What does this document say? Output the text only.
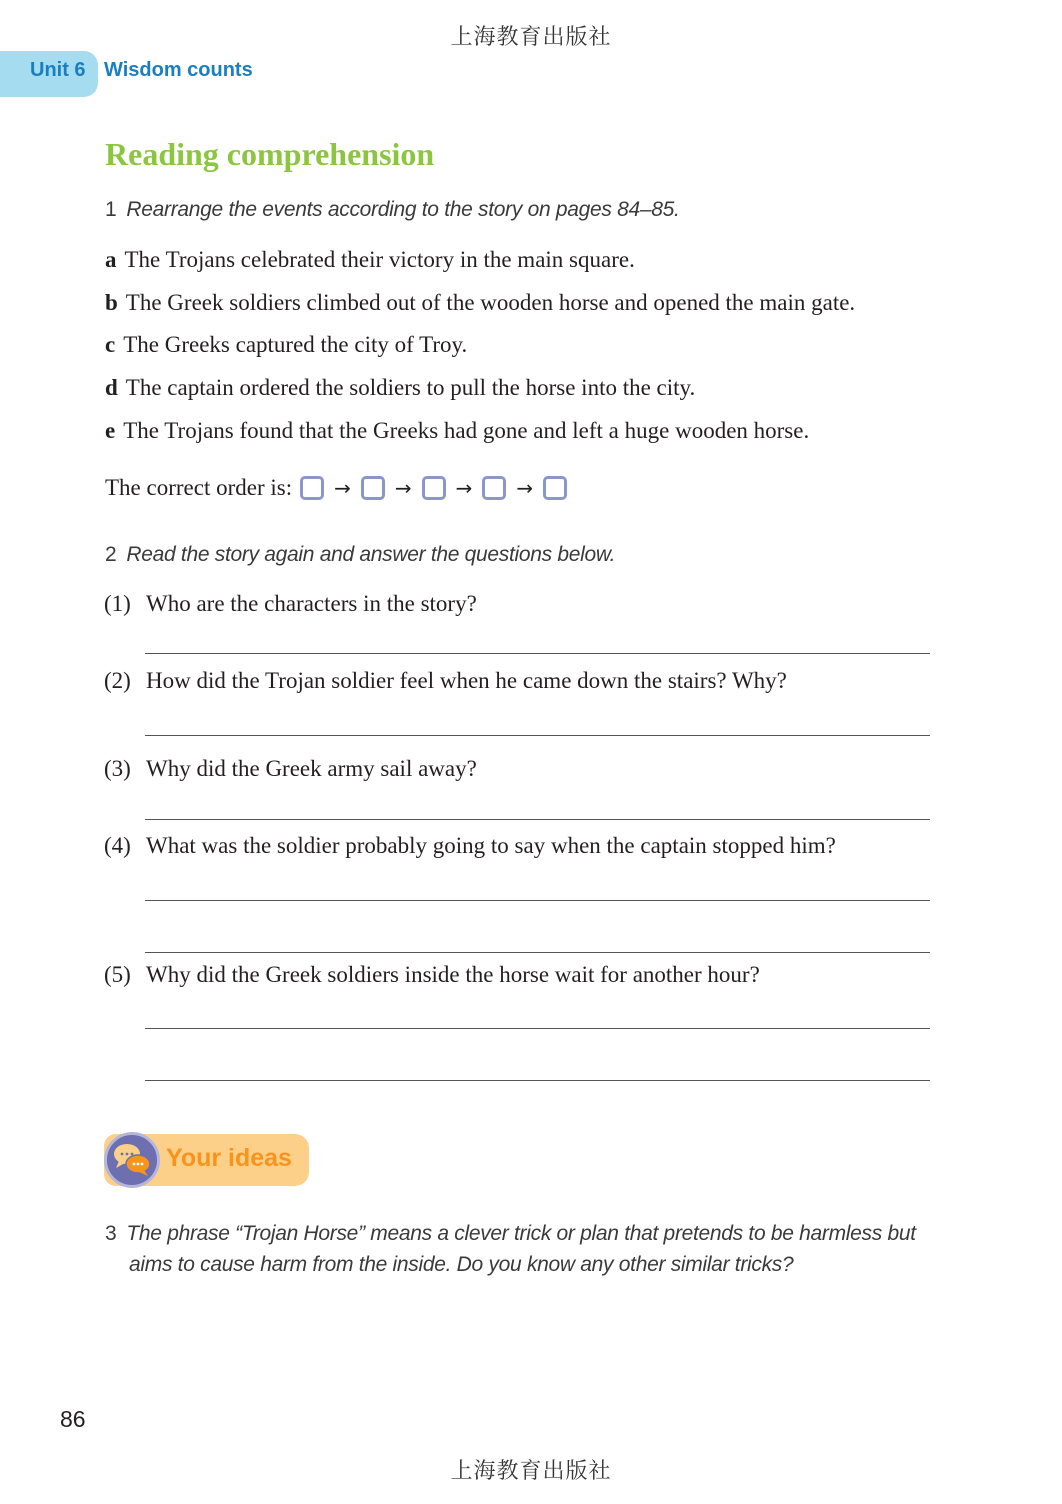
上海教育出版社
Unit 6 Wisdom counts
Reading comprehension
1 Rearrange the events according to the story on pages 84–85.
a The Trojans celebrated their victory in the main square.
b The Greek soldiers climbed out of the wooden horse and opened the main gate.
c The Greeks captured the city of Troy.
d The captain ordered the soldiers to pull the horse into the city.
e The Trojans found that the Greeks had gone and left a huge wooden horse.
The correct order is: → → → →
2 Read the story again and answer the questions below.
(1) Who are the characters in the story?
(2) How did the Trojan soldier feel when he came down the stairs? Why?
(3) Why did the Greek army sail away?
(4) What was the soldier probably going to say when the captain stopped him?
(5) Why did the Greek soldiers inside the horse wait for another hour?
Your ideas
3 The phrase “Trojan Horse” means a clever trick or plan that pretends to be harmless but
aims to cause harm from the inside. Do you know any other similar tricks?
86
上海教育出版社
